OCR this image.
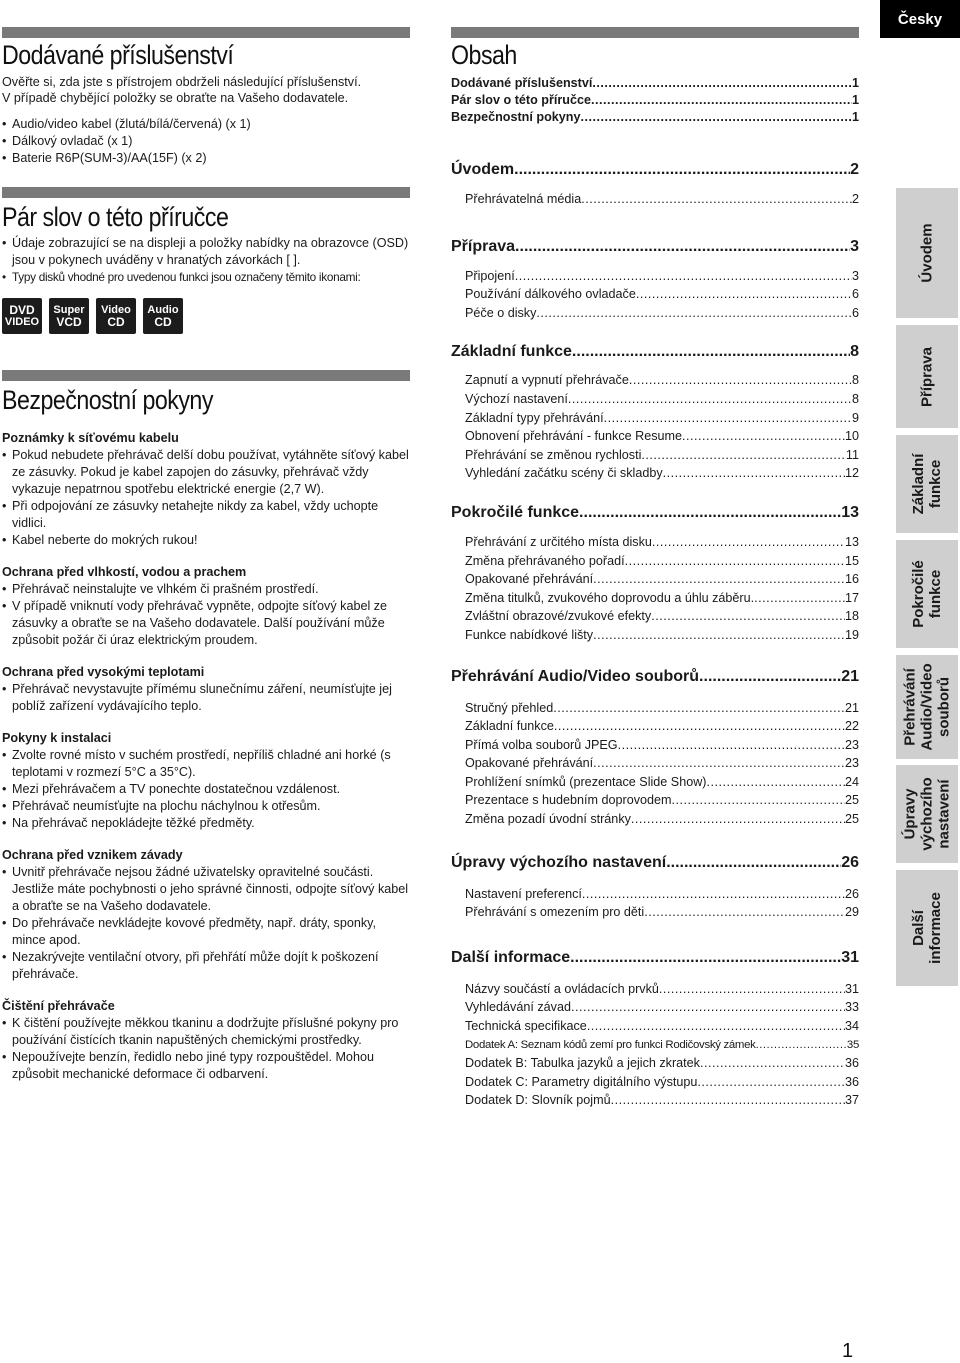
Dodávané příslušenství
Ověřte si, zda jste s přístrojem obdrželi následující příslušenství.
V případě chybějící položky se obraťte na Vašeho dodavatele.
• Audio/video kabel (žlutá/bílá/červená) (x 1)
• Dálkový ovladač (x 1)
• Baterie R6P(SUM-3)/AA(15F) (x 2)
Pár slov o této příručce
• Údaje zobrazující se na displeji a položky nabídky na obrazovce (OSD) jsou v pokynech uváděny v hranatých závorkách [ ].
• Typy disků vhodné pro uvedenou funkci jsou označeny těmito ikonami:
DVD
VIDEO
Super
VCD
Video
CD
Audio
CD
Bezpečnostní pokyny
Poznámky k síťovému kabelu
• Pokud nebudete přehrávač delší dobu používat, vytáhněte síťový kabel ze zásuvky. Pokud je kabel zapojen do zásuvky, přehrávač vždy vykazuje nepatrnou spotřebu elektrické energie (2,7 W).
• Při odpojování ze zásuvky netahejte nikdy za kabel, vždy uchopte vidlici.
• Kabel neberte do mokrých rukou!
Ochrana před vlhkostí, vodou a prachem
• Přehrávač neinstalujte ve vlhkém či prašném prostředí.
• V případě vniknutí vody přehrávač vypněte, odpojte síťový kabel ze zásuvky a obraťte se na Vašeho dodavatele. Další používání může způsobit požár či úraz elektrickým proudem.
Ochrana před vysokými teplotami
• Přehrávač nevystavujte přímému slunečnímu záření, neumísťujte jej poblíž zařízení vydávajícího teplo.
Pokyny k instalaci
• Zvolte rovné místo v suchém prostředí, nepříliš chladné ani horké (s teplotami v rozmezí 5°C a 35°C).
• Mezi přehrávačem a TV ponechte dostatečnou vzdálenost.
• Přehrávač neumísťujte na plochu náchylnou k otřesům.
• Na přehrávač nepokládejte těžké předměty.
Ochrana před vznikem závady
• Uvnitř přehrávače nejsou žádné uživatelsky opravitelné součásti. Jestliže máte pochybnosti o jeho správné činnosti, odpojte síťový kabel a obraťte se na Vašeho dodavatele.
• Do přehrávače nevkládejte kovové předměty, např. dráty, sponky, mince apod.
• Nezakrývejte ventilační otvory, při přehřátí může dojít k poškození přehrávače.
Čištění přehrávače
• K čištění používejte měkkou tkaninu a dodržujte příslušné pokyny pro používání čistících tkanin napuštěných chemickými prostředky.
• Nepoužívejte benzín, ředidlo nebo jiné typy rozpouštědel. Mohou způsobit mechanické deformace či odbarvení.
Obsah
Dodávané příslušenství .....	1
Pár slov o této příručce .....	1
Bezpečnostní pokyny .....	1
Úvodem .....	2
Přehrávatelná média .....	2
Příprava .....	3
Připojení .....	3
Používání dálkového ovladače .....	6
Péče o disky .....	6
Základní funkce .....	8
Zapnutí a vypnutí přehrávače .....	8
Výchozí nastavení .....	8
Základní typy přehrávání .....	9
Obnovení přehrávání - funkce Resume .....	10
Přehrávání se změnou rychlosti .....	11
Vyhledání začátku scény či skladby .....	12
Pokročilé funkce .....	13
Přehrávání z určitého místa disku .....	13
Změna přehrávaného pořadí .....	15
Opakované přehrávání .....	16
Změna titulků, zvukového doprovodu a úhlu záběru. .....	17
Zvláštní obrazové/zvukové efekty .....	18
Funkce nabídkové lišty .....	19
Přehrávání Audio/Video souborů .....	21
Stručný přehled .....	21
Základní funkce .....	22
Přímá volba souborů JPEG .....	23
Opakované přehrávání .....	23
Prohlížení snímků (prezentace Slide Show) .....	24
Prezentace s hudebním doprovodem .....	25
Změna pozadí úvodní stránky .....	25
Úpravy výchozího nastavení .....	26
Nastavení preferencí .....	26
Přehrávání s omezením pro děti .....	29
Další informace .....	31
Názvy součástí a ovládacích prvků .....	31
Vyhledávání závad .....	33
Technická specifikace .....	34
Dodatek A: Seznam kódů zemí pro funkci Rodičovský zámek .....	35
Dodatek B: Tabulka jazyků a jejich zkratek .....	36
Dodatek C: Parametry digitálního výstupu .....	36
Dodatek D: Slovník pojmů .....	37
Česky
Úvodem
Příprava
Základní funkce
Pokročilé funkce
Přehrávání Audio/Video souborů
Úpravy výchozího nastavení
Další informace
1
